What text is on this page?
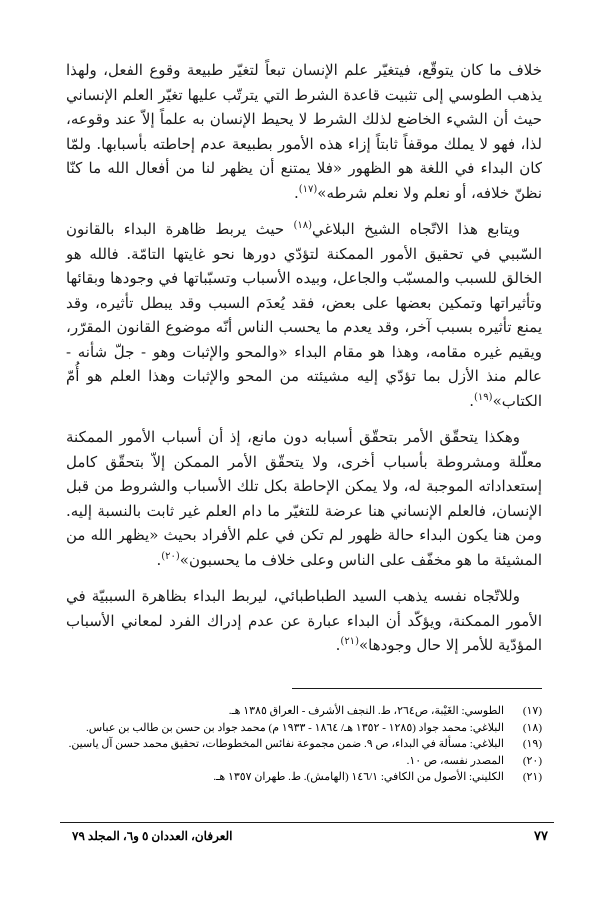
خلاف ما كان يتوقّع، فيتغيّر علم الإنسان تبعاً لتغيّر طبيعة وقوع الفعل، ولهذا يذهب الطوسي إلى تثبيت قاعدة الشرط التي يترتّب عليها تغيّر العلم الإنساني حيث أن الشيء الخاضع لذلك الشرط لا يحيط الإنسان به علماً إلاّ عند وقوعه، لذا، فهو لا يملك موقفاً ثابتاً إزاء هذه الأمور بطبيعة عدم إحاطته بأسبابها. ولمّا كان البداء في اللغة هو الظهور «فلا يمتنع أن يظهر لنا من أفعال الله ما كنّا نظنّ خلافه، أو نعلم ولا نعلم شرطه»$^{(١٧)}$.

ويتابع هذا الاتّجاه الشيخ البلاغي$^{(١٨)}$ حيث يربط ظاهرة البداء بالقانون السّببي في تحقيق الأمور الممكنة لتؤدّي دورها نحو غايتها التامّة. فالله هو الخالق للسبب والمسبّب والجاعل، وبيده الأسباب وتسبّباتها في وجودها وبقائها وتأثيراتها وتمكين بعضها على بعض، فقد يُعدَم السبب وقد يبطل تأثيره، وقد يمنع تأثيره بسبب آخر، وقد يعدم ما يحسب الناس أنّه موضوع القانون المقرّر، ويقيم غيره مقامه، وهذا هو مقام البداء «والمحو والإثبات وهو - جلّ شأنه - عالم منذ الأزل بما تؤدّي إليه مشيئته من المحو والإثبات وهذا العلم هو أُمّ الكتاب»$^{(١٩)}$.

وهكذا يتحقّق الأمر بتحقّق أسبابه دون مانع، إذ أن أسباب الأمور الممكنة معلّلة ومشروطة بأسباب أخرى، ولا يتحقّق الأمر الممكن إلاّ بتحقّق كامل إستعداداته الموجبة له، ولا يمكن الإحاطة بكل تلك الأسباب والشروط من قبل الإنسان، فالعلم الإنساني هنا عرضة للتغيّر ما دام العلم غير ثابت بالنسبة إليه. ومن هنا يكون البداء حالة ظهور لم تكن في علم الأفراد بحيث «يظهر الله من المشيئة ما هو مخفّف على الناس وعلى خلاف ما يحسبون»$^{(٢٠)}$.

وللاتّجاه نفسه يذهب السيد الطباطبائي، ليربط البداء بظاهرة السببيّة في الأمور الممكنة، ويؤكّد أن البداء عبارة عن عدم إدراك الفرد لمعاني الأسباب المؤدّية للأمر إلا حال وجودها»$^{(٢١)}$.

(١٧)
الطوسي: الغَيْبة، ص٢٦٤، ط. النجف الأشرف - العراق ١٣٨٥ هـ.
(١٨)
البلاغي: محمد جواد (١٢٨٥ - ١٣٥٢ هـ/ ١٨٦٤ - ١٩٣٣ م) محمد جواد بن حسن بن طالب بن عباس.
(١٩)
البلاغي: مسألة في البداء، ص ٩. ضمن مجموعة نفائس المخطوطات، تحقيق محمد حسن آل ياسين.
(٢٠)
المصدر نفسه، ص ١٠.
(٢١)
الكليني: الأصول من الكافي: ١٤٦/١ (الهامش). ط. طهران ١٣٥٧ هـ.
٧٧
العرفان، العددان ٥ و٦، المجلد ٧٩
